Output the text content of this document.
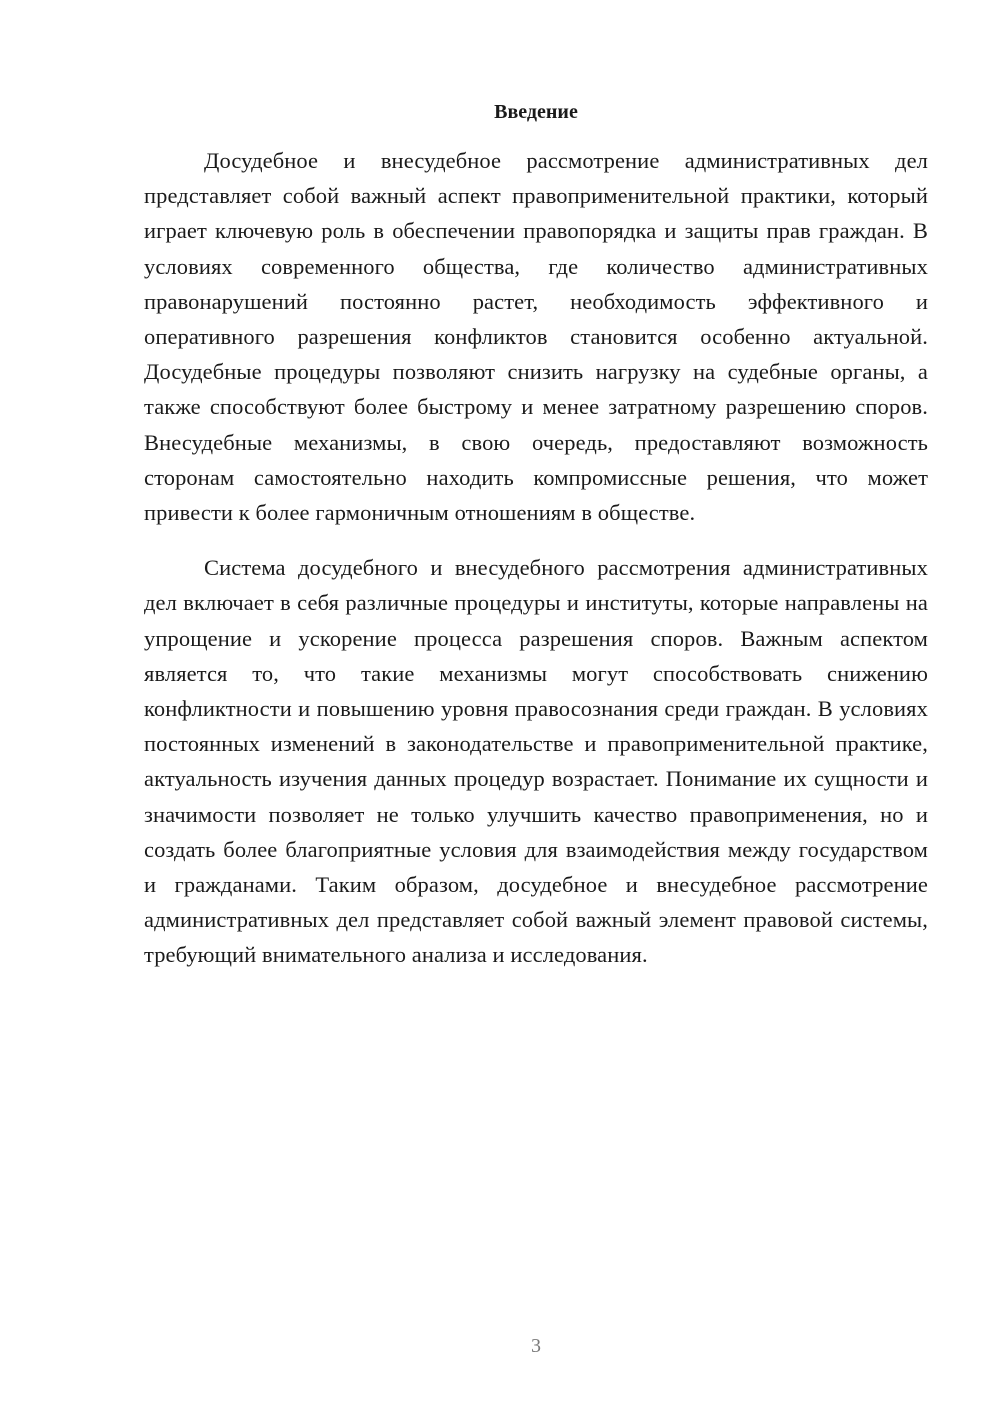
Введение

Досудебное и внесудебное рассмотрение административных дел представляет собой важный аспект правоприменительной практики, который играет ключевую роль в обеспечении правопорядка и защиты прав граждан. В условиях современного общества, где количество административных правонарушений постоянно растет, необходимость эффективного и оперативного разрешения конфликтов становится особенно актуальной. Досудебные процедуры позволяют снизить нагрузку на судебные органы, а также способствуют более быстрому и менее затратному разрешению споров. Внесудебные механизмы, в свою очередь, предоставляют возможность сторонам самостоятельно находить компромиссные решения, что может привести к более гармоничным отношениям в обществе.

Система досудебного и внесудебного рассмотрения административных дел включает в себя различные процедуры и институты, которые направлены на упрощение и ускорение процесса разрешения споров. Важным аспектом является то, что такие механизмы могут способствовать снижению конфликтности и повышению уровня правосознания среди граждан. В условиях постоянных изменений в законодательстве и правоприменительной практике, актуальность изучения данных процедур возрастает. Понимание их сущности и значимости позволяет не только улучшить качество правоприменения, но и создать более благоприятные условия для взаимодействия между государством и гражданами. Таким образом, досудебное и внесудебное рассмотрение административных дел представляет собой важный элемент правовой системы, требующий внимательного анализа и исследования.

3
